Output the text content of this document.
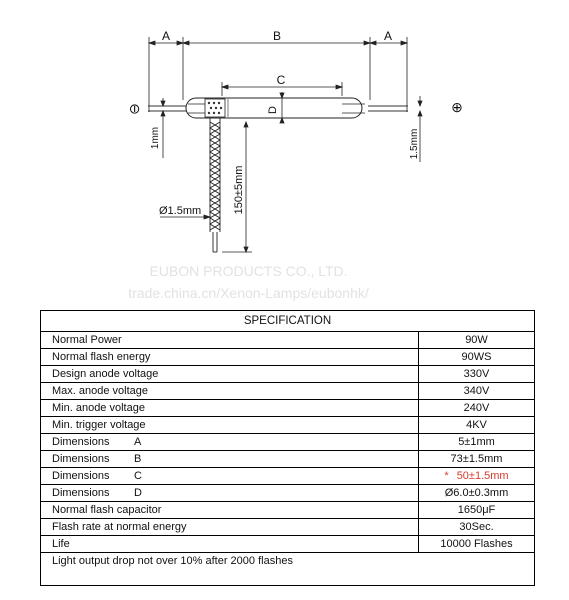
A	B	A
C
D
⊖	⊕
1mm	1.5mm
Ø1.5mm	150±5mm
EUBON PRODUCTS CO., LTD.
trade.china.cn/Xenon-Lamps/eubonhk/
SPECIFICATION
Normal Power	90W
Normal flash energy	90WS
Design anode voltage	330V
Max. anode voltage	340V
Min. anode voltage	240V
Min. trigger voltage	4KV
Dimensions A	5±1mm
Dimensions B	73±1.5mm
Dimensions C	* 50±1.5mm
Dimensions D	Ø6.0±0.3mm
Normal flash capacitor	1650μF
Flash rate at normal energy	30Sec.
Life	10000 Flashes
Light output drop not over 10% after 2000 flashes
